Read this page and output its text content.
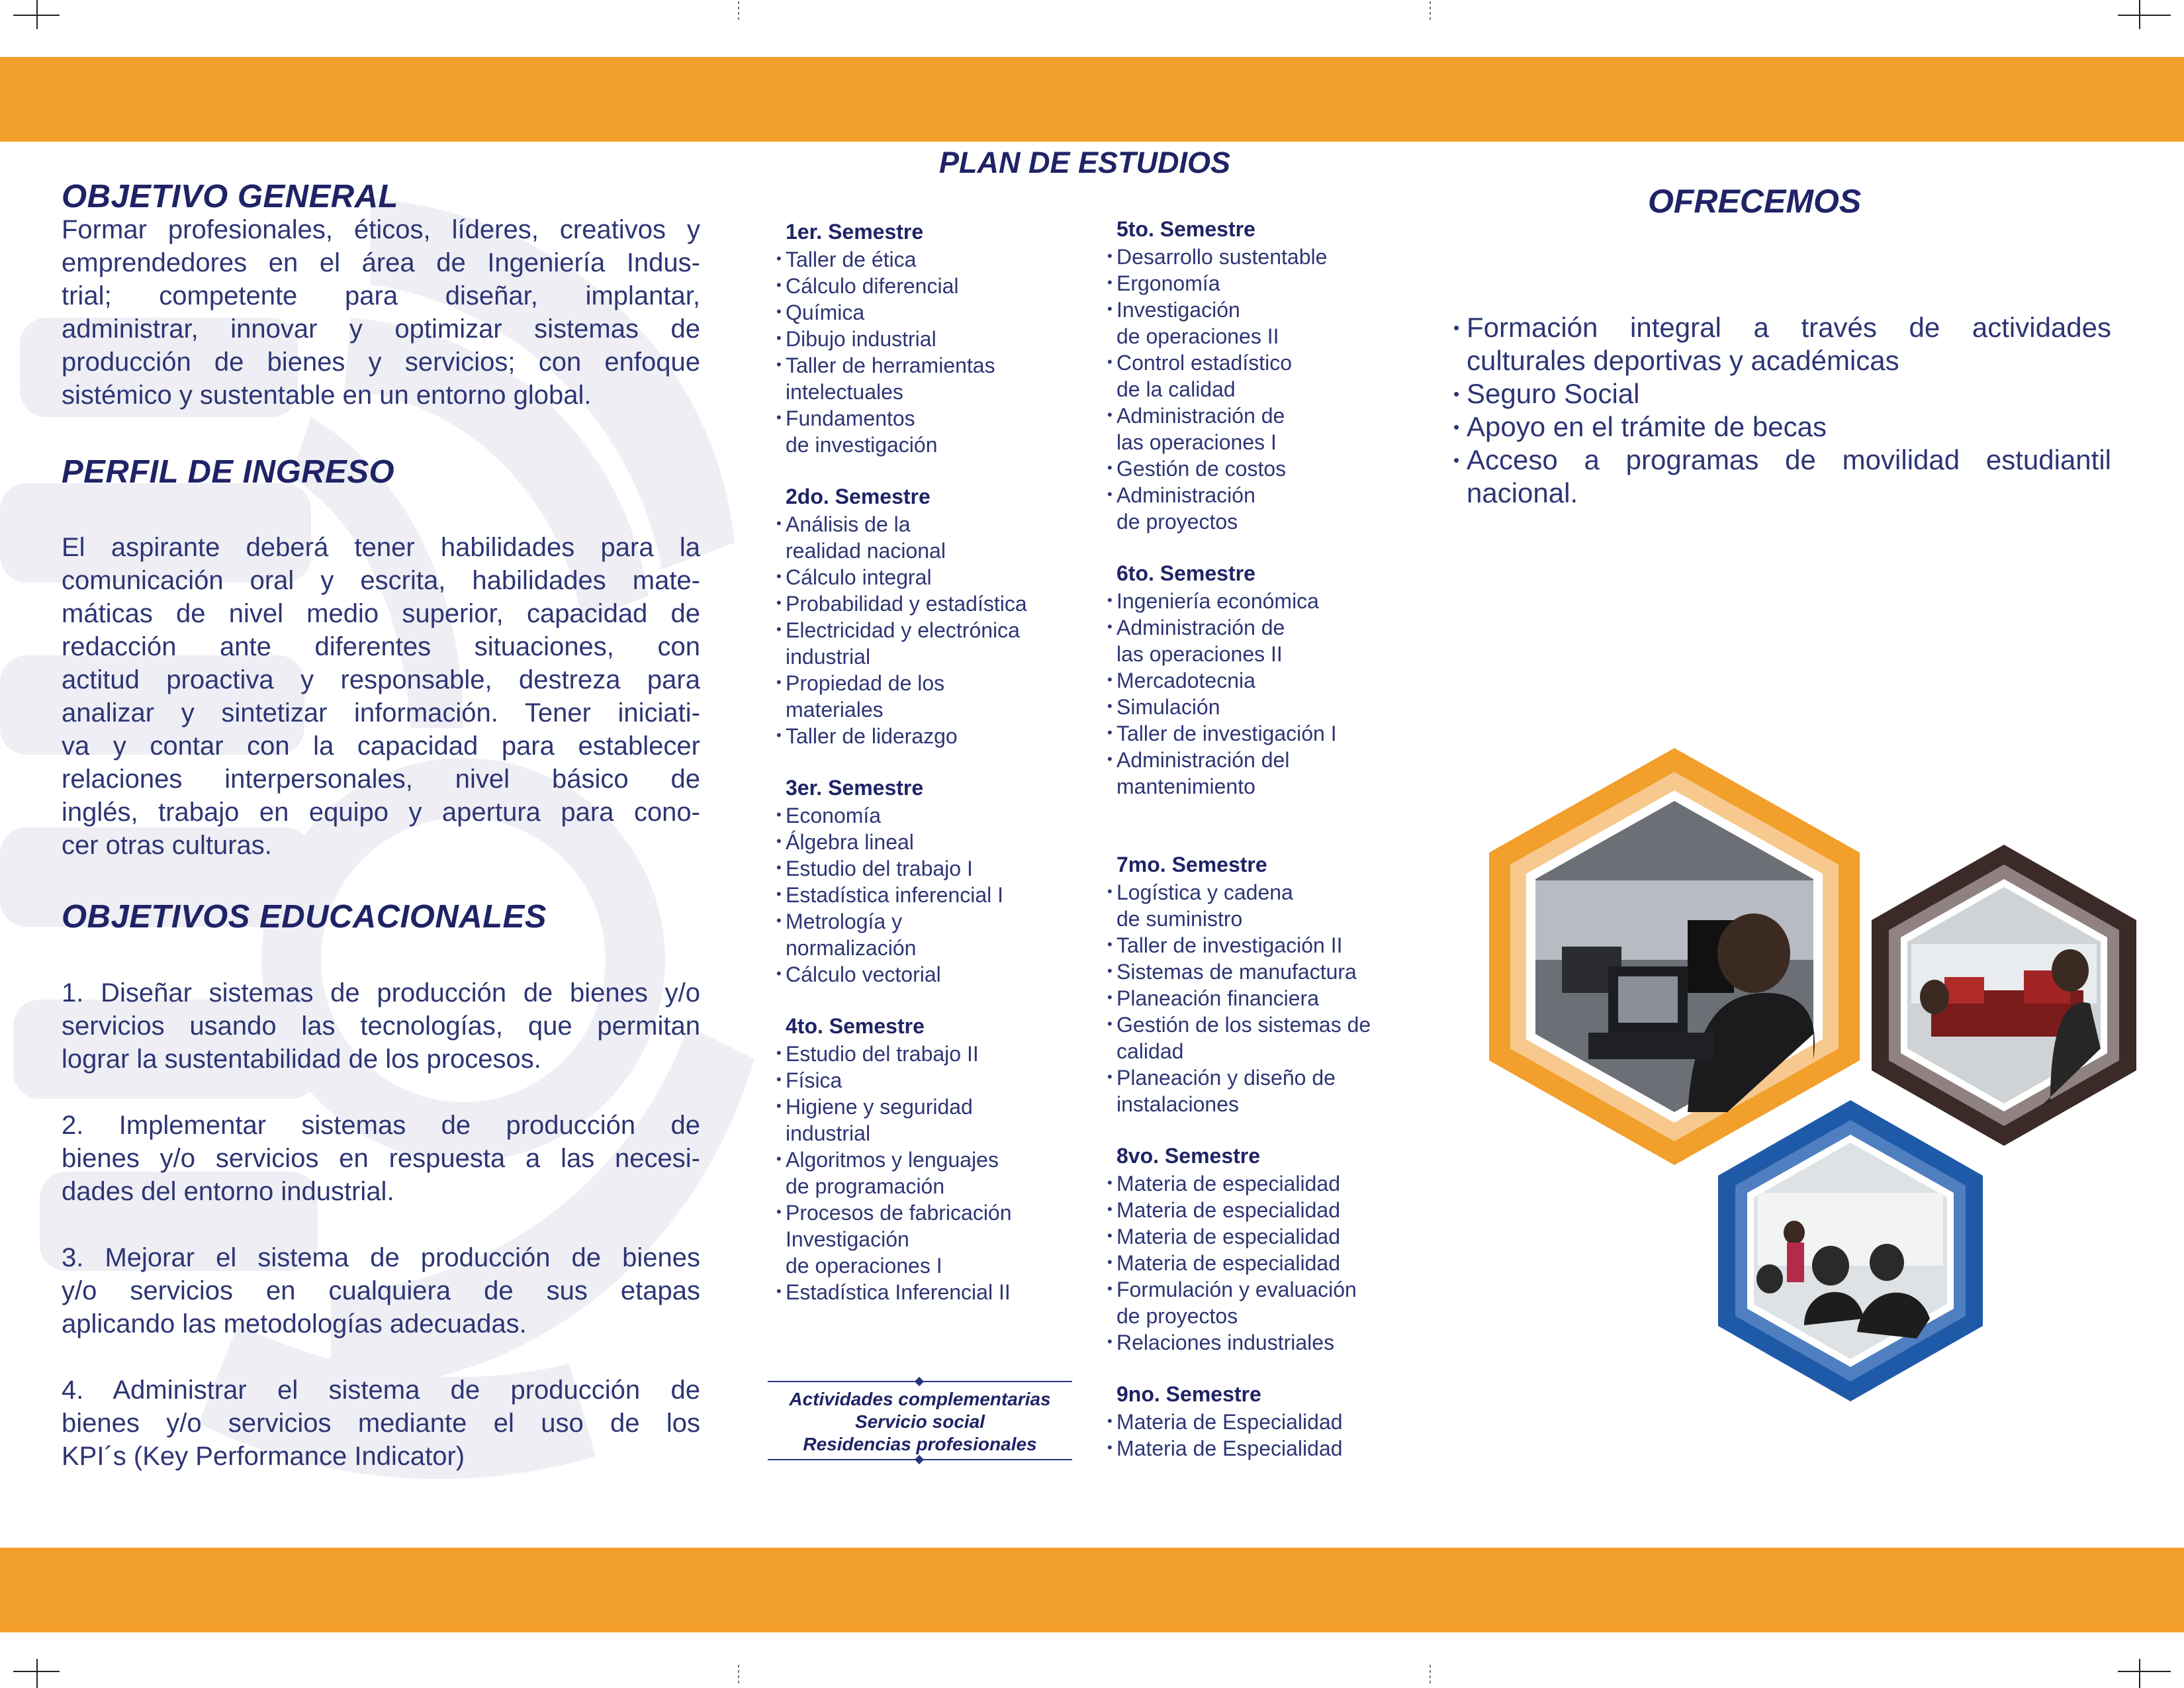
OBJETIVO GENERAL
Formar profesionales, éticos, líderes, creativos y
emprendedores en el área de Ingeniería Indus-
trial; competente para diseñar, implantar,
administrar, innovar y optimizar sistemas de
producción de bienes y servicios; con enfoque
sistémico y sustentable en un entorno global.
PERFIL DE INGRESO
El aspirante deberá tener habilidades para la
comunicación oral y escrita, habilidades mate-
máticas de nivel medio superior, capacidad de
redacción ante diferentes situaciones, con
actitud proactiva y responsable, destreza para
analizar y sintetizar información. Tener iniciati-
va y contar con la capacidad para establecer
relaciones interpersonales, nivel básico de
inglés, trabajo en equipo y apertura para cono-
cer otras culturas.
OBJETIVOS EDUCACIONALES
1. Diseñar sistemas de producción de bienes y/o
servicios usando las tecnologías, que permitan
lograr la sustentabilidad de los procesos.
2. Implementar sistemas de producción de
bienes y/o servicios en respuesta a las necesi-
dades del entorno industrial.
3. Mejorar el sistema de producción de bienes
y/o servicios en cualquiera de sus etapas
aplicando las metodologías adecuadas.
4. Administrar el sistema de producción de
bienes y/o servicios mediante el uso de los
KPI´s (Key Performance Indicator)
PLAN DE ESTUDIOS
1er. Semestre
• Taller de ética
• Cálculo diferencial
• Química
• Dibujo industrial
• Taller de herramientas
intelectuales
• Fundamentos
de investigación
2do. Semestre
• Análisis de la
realidad nacional
• Cálculo integral
• Probabilidad y estadística
• Electricidad y electrónica
industrial
• Propiedad de los
materiales
• Taller de liderazgo
3er. Semestre
• Economía
• Álgebra lineal
• Estudio del trabajo I
• Estadística inferencial I
• Metrología y
normalización
• Cálculo vectorial
4to. Semestre
• Estudio del trabajo II
• Física
• Higiene y seguridad
industrial
• Algoritmos y lenguajes
de programación
• Procesos de fabricación
Investigación
de operaciones I
• Estadística Inferencial II
5to. Semestre
• Desarrollo sustentable
• Ergonomía
• Investigación
de operaciones II
• Control estadístico
de la calidad
• Administración de
las operaciones I
• Gestión de costos
• Administración
de proyectos
6to. Semestre
• Ingeniería económica
• Administración de
las operaciones II
• Mercadotecnia
• Simulación
• Taller de investigación I
• Administración del
mantenimiento
7mo. Semestre
• Logística y cadena
de suministro
• Taller de investigación II
• Sistemas de manufactura
• Planeación financiera
• Gestión de los sistemas de
calidad
• Planeación y diseño de
instalaciones
8vo. Semestre
• Materia de especialidad
• Materia de especialidad
• Materia de especialidad
• Materia de especialidad
• Formulación y evaluación
de proyectos
• Relaciones industriales
9no. Semestre
• Materia de Especialidad
• Materia de Especialidad
Actividades complementarias
Servicio social
Residencias profesionales
OFRECEMOS
• Formación integral a través de actividades
culturales deportivas y académicas
• Seguro Social
• Apoyo en el trámite de becas
• Acceso a programas de movilidad estudiantil
nacional.
